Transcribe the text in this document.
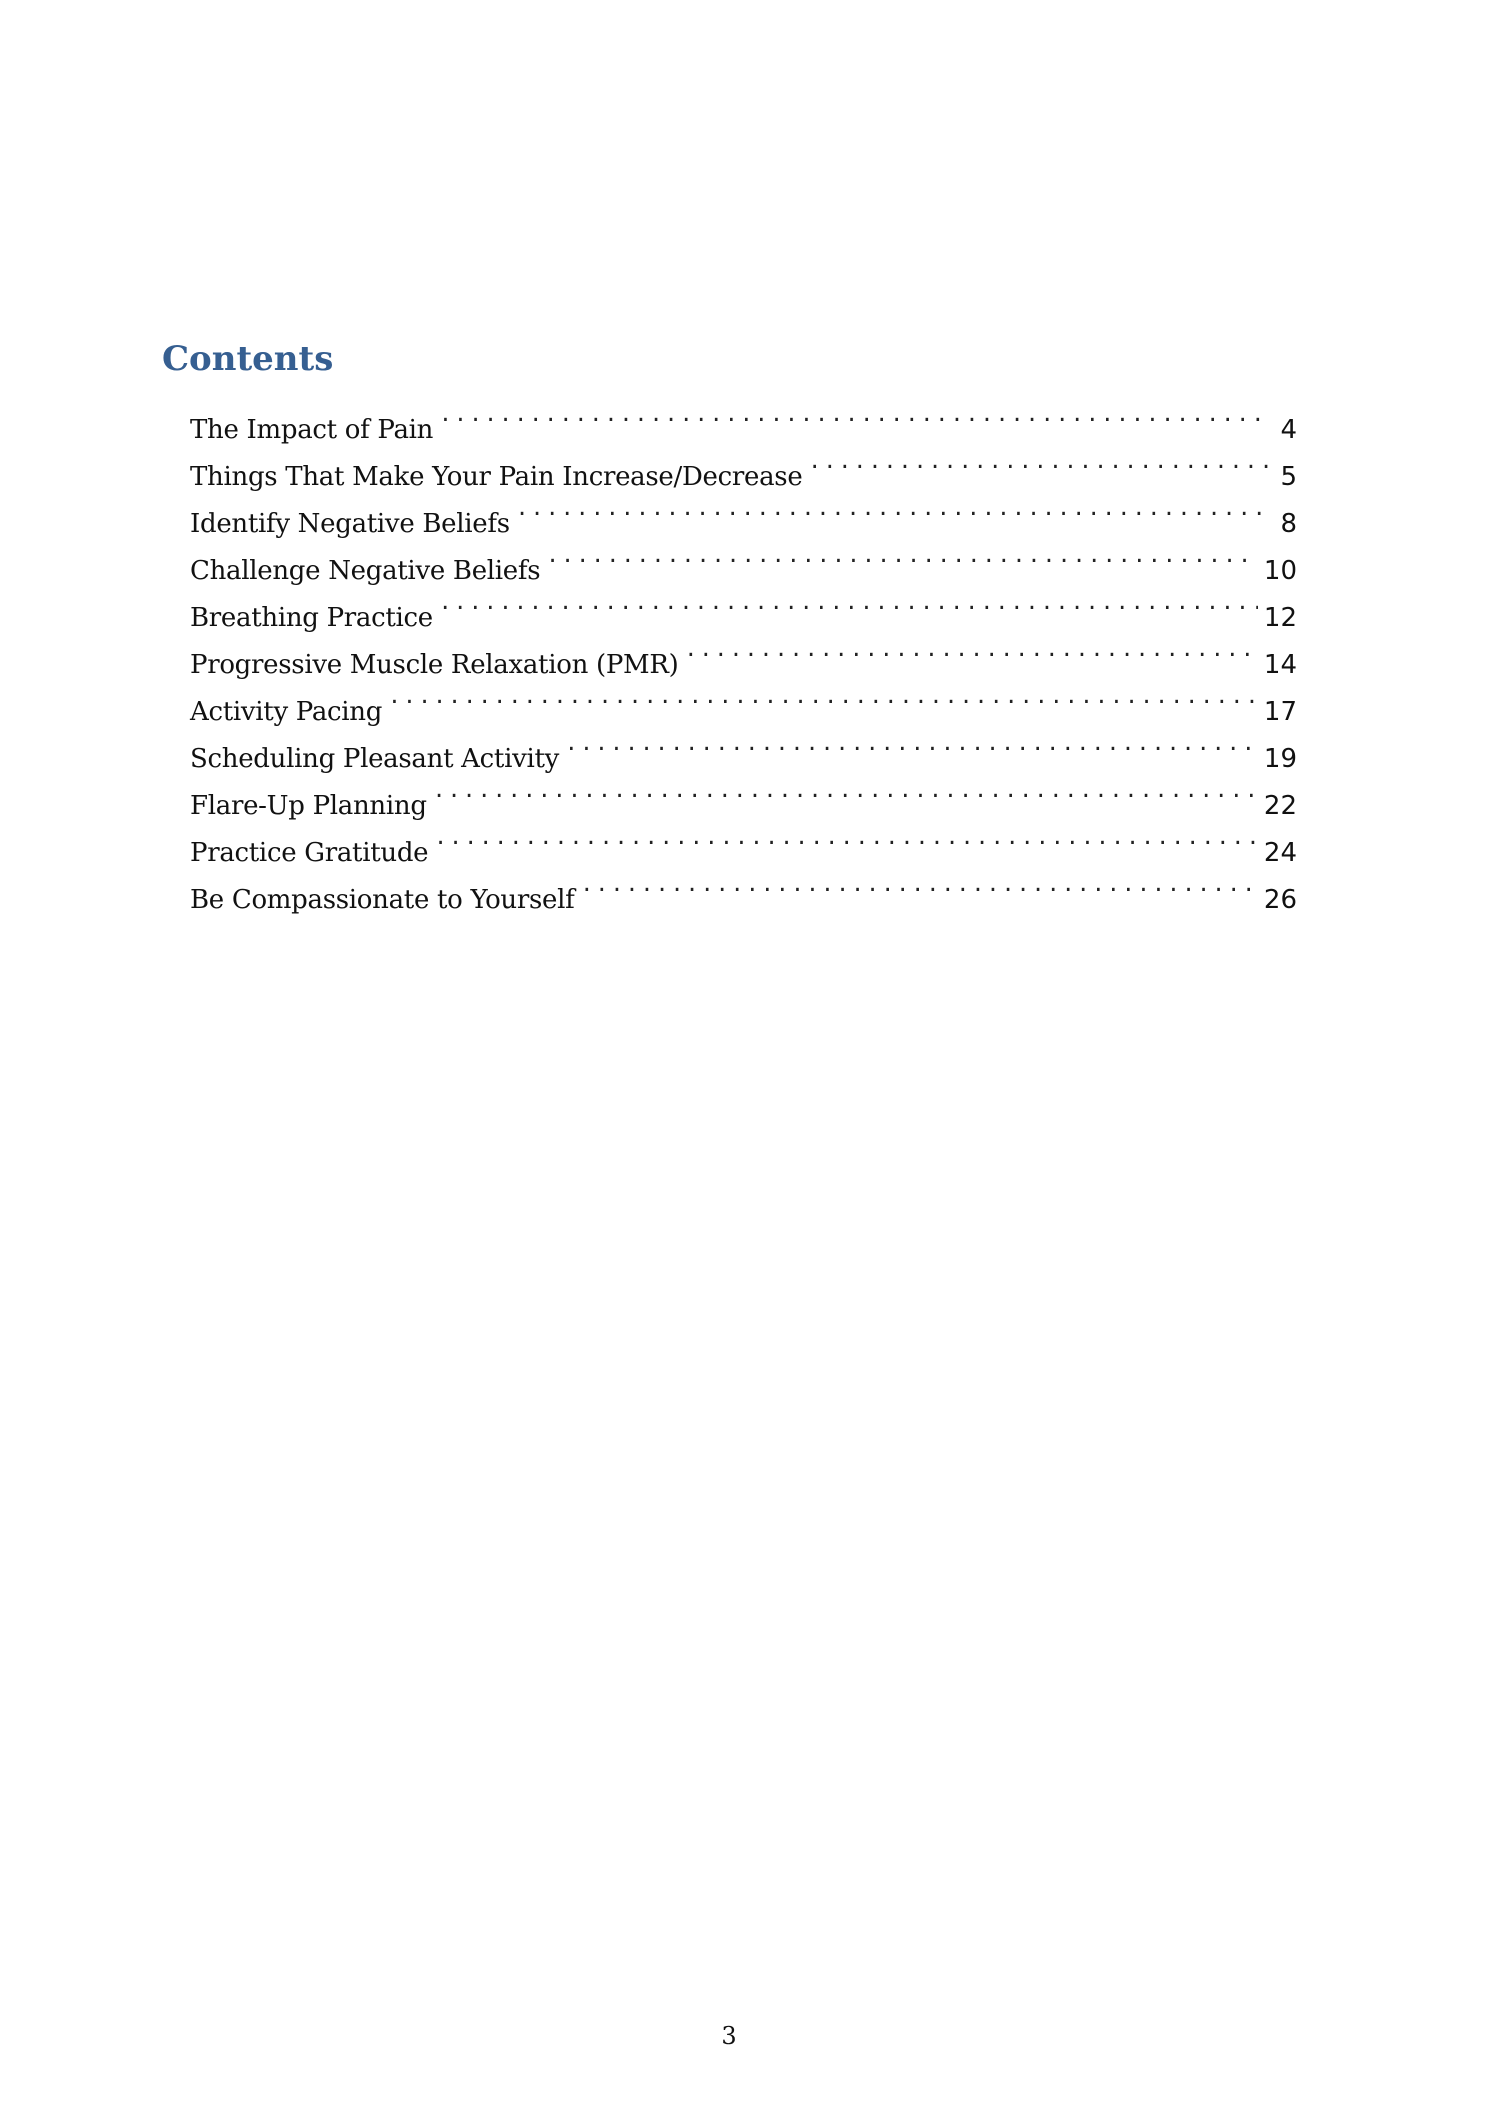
Contents
The Impact of Pain .....	4
Things That Make Your Pain Increase/Decrease .....	5
Identify Negative Beliefs .....	8
Challenge Negative Beliefs .....	10
Breathing Practice .....	12
Progressive Muscle Relaxation (PMR) .....	14
Activity Pacing .....	17
Scheduling Pleasant Activity .....	19
Flare-Up Planning .....	22
Practice Gratitude .....	24
Be Compassionate to Yourself .....	26
3
